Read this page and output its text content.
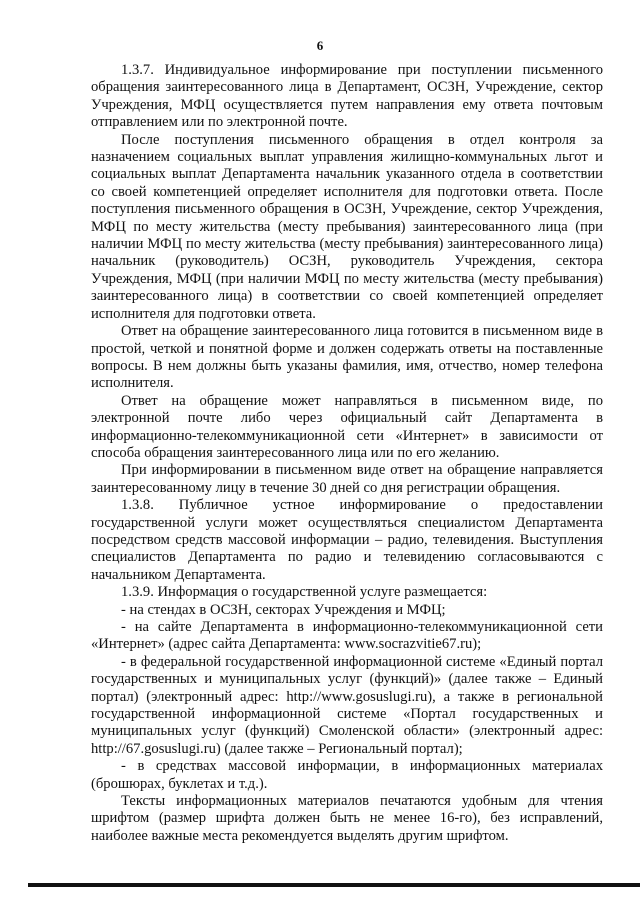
6

1.3.7. Индивидуальное информирование при поступлении письменного обращения заинтересованного лица в Департамент, ОСЗН, Учреждение, сектор Учреждения, МФЦ осуществляется путем направления ему ответа почтовым отправлением или по электронной почте.

После поступления письменного обращения в отдел контроля за назначением социальных выплат управления жилищно-коммунальных льгот и социальных выплат Департамента начальник указанного отдела в соответствии со своей компетенцией определяет исполнителя для подготовки ответа. После поступления письменного обращения в ОСЗН, Учреждение, сектор Учреждения, МФЦ по месту жительства (месту пребывания) заинтересованного лица (при наличии МФЦ по месту жительства (месту пребывания) заинтересованного лица) начальник (руководитель) ОСЗН, руководитель Учреждения, сектора Учреждения, МФЦ (при наличии МФЦ по месту жительства (месту пребывания) заинтересованного лица) в соответствии со своей компетенцией определяет исполнителя для подготовки ответа.

Ответ на обращение заинтересованного лица готовится в письменном виде в простой, четкой и понятной форме и должен содержать ответы на поставленные вопросы. В нем должны быть указаны фамилия, имя, отчество, номер телефона исполнителя.

Ответ на обращение может направляться в письменном виде, по электронной почте либо через официальный сайт Департамента в информационно-телекоммуникационной сети «Интернет» в зависимости от способа обращения заинтересованного лица или по его желанию.

При информировании в письменном виде ответ на обращение направляется заинтересованному лицу в течение 30 дней со дня регистрации обращения.

1.3.8. Публичное устное информирование о предоставлении государственной услуги может осуществляться специалистом Департамента посредством средств массовой информации – радио, телевидения. Выступления специалистов Департамента по радио и телевидению согласовываются с начальником Департамента.

1.3.9. Информация о государственной услуге размещается:

- на стендах в ОСЗН, секторах Учреждения и МФЦ;

- на сайте Департамента в информационно-телекоммуникационной сети «Интернет» (адрес сайта Департамента: www.socrazvitie67.ru);

- в федеральной государственной информационной системе «Единый портал государственных и муниципальных услуг (функций)» (далее также – Единый портал) (электронный адрес: http://www.gosuslugi.ru), а также в региональной государственной информационной системе «Портал государственных и муниципальных услуг (функций) Смоленской области» (электронный адрес: http://67.gosuslugi.ru) (далее также – Региональный портал);

- в средствах массовой информации, в информационных материалах (брошюрах, буклетах и т.д.).

Тексты информационных материалов печатаются удобным для чтения шрифтом (размер шрифта должен быть не менее 16-го), без исправлений, наиболее важные места рекомендуется выделять другим шрифтом.
